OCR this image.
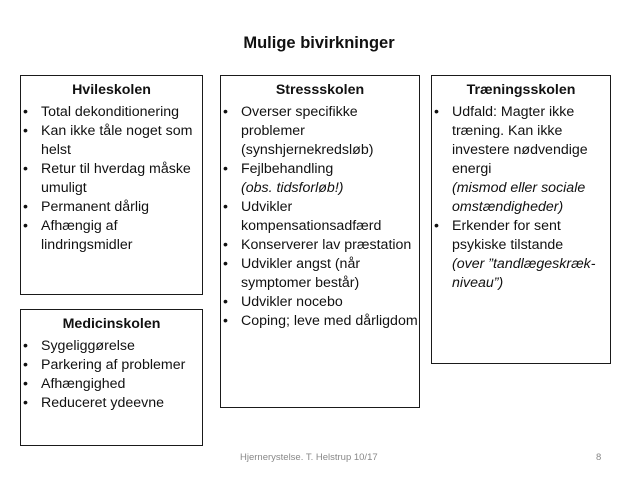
Mulige bivirkninger
Hvileskolen
• Total dekonditionering
• Kan ikke tåle noget som helst
• Retur til hverdag måske umuligt
• Permanent dårlig
• Afhængig af lindringsmidler
Medicinskolen
• Sygeliggørelse
• Parkering af problemer
• Afhængighed
• Reduceret ydeevne
Stressskolen
• Overser specifikke problemer (synshjernekredsløb)
• Fejlbehandling
(obs. tidsforløb!)
• Udvikler kompensationsadfærd
• Konserverer lav præstation
• Udvikler angst (når symptomer består)
• Udvikler nocebo
• Coping; leve med dårligdom
Træningsskolen
• Udfald: Magter ikke træning. Kan ikke investere nødvendige energi
(mismod eller sociale omstændigheder)
• Erkender for sent psykiske tilstande
(over ”tandlægeskræk-niveau”)
Hjernerystelse. T. Helstrup 10/17	8
